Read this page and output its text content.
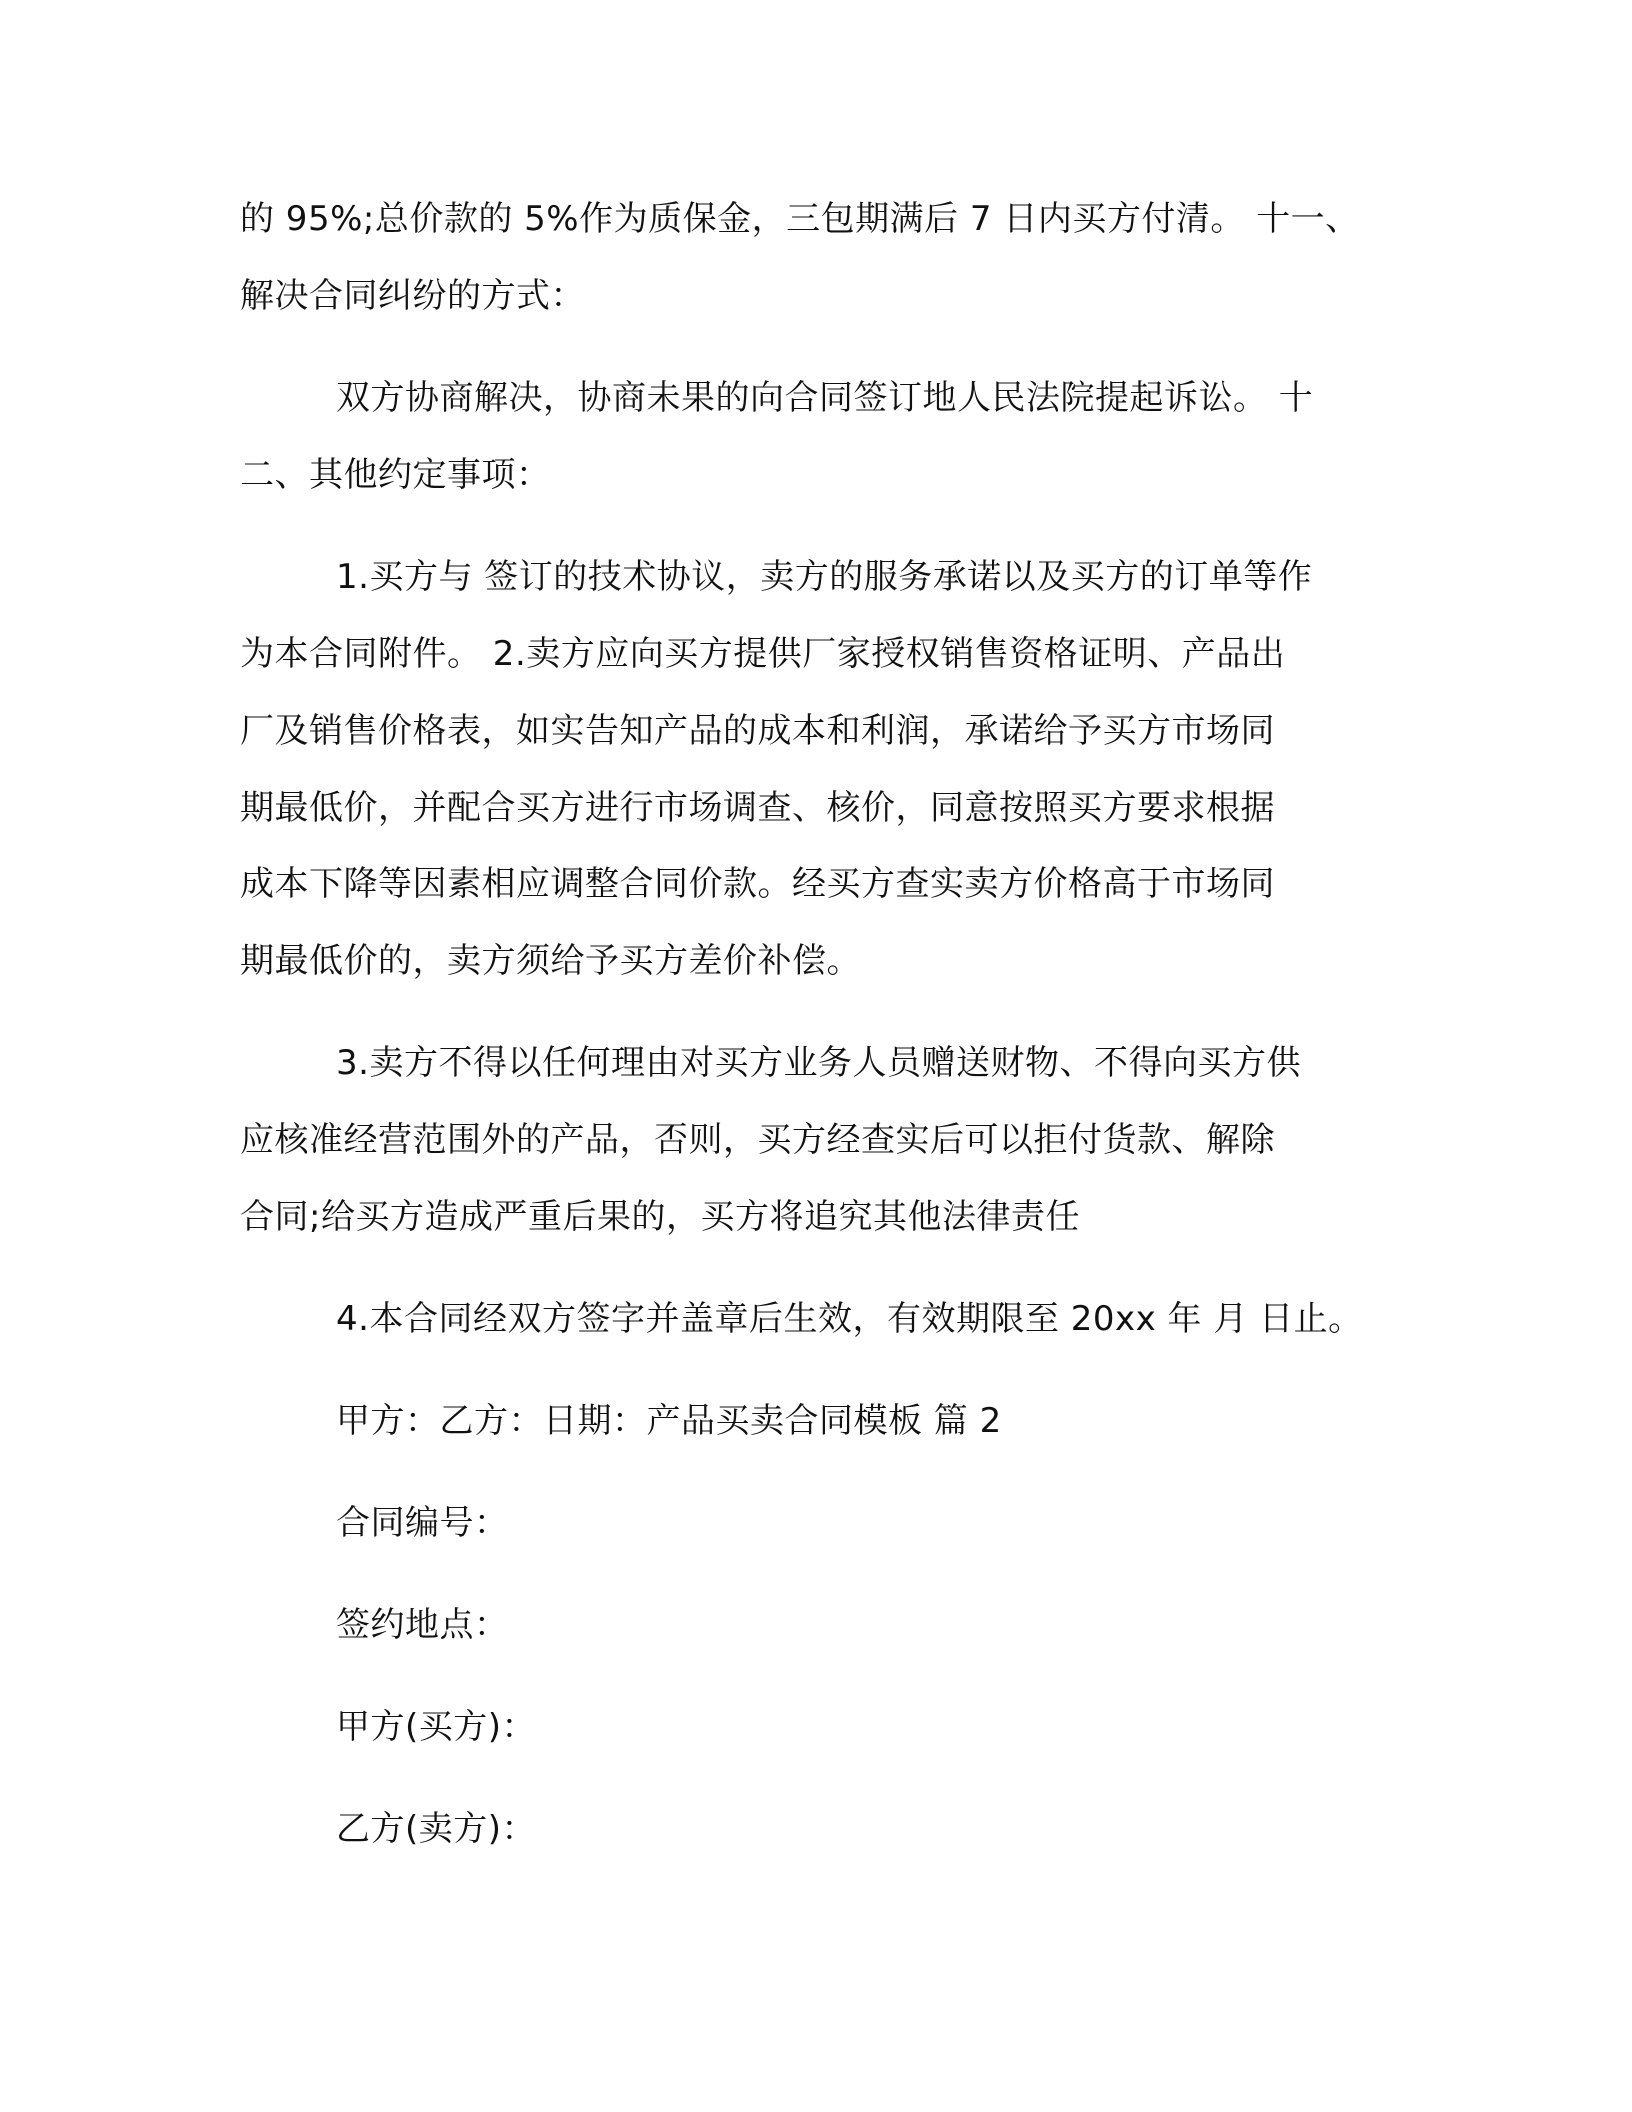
的 95%;总价款的 5%作为质保金，三包期满后 7 日内买方付清。 十一、
解决合同纠纷的方式：
双方协商解决，协商未果的向合同签订地人民法院提起诉讼。 十
二、其他约定事项：
1.买方与 签订的技术协议，卖方的服务承诺以及买方的订单等作
为本合同附件。 2.卖方应向买方提供厂家授权销售资格证明、产品出
厂及销售价格表，如实告知产品的成本和利润，承诺给予买方市场同
期最低价，并配合买方进行市场调查、核价，同意按照买方要求根据
成本下降等因素相应调整合同价款。经买方查实卖方价格高于市场同
期最低价的，卖方须给予买方差价补偿。
3.卖方不得以任何理由对买方业务人员赠送财物、不得向买方供
应核准经营范围外的产品，否则，买方经查实后可以拒付货款、解除
合同;给买方造成严重后果的，买方将追究其他法律责任
4.本合同经双方签字并盖章后生效，有效期限至 20xx 年 月 日止。
甲方：乙方：日期：产品买卖合同模板 篇 2
合同编号：
签约地点：
甲方(买方)：
乙方(卖方)：
